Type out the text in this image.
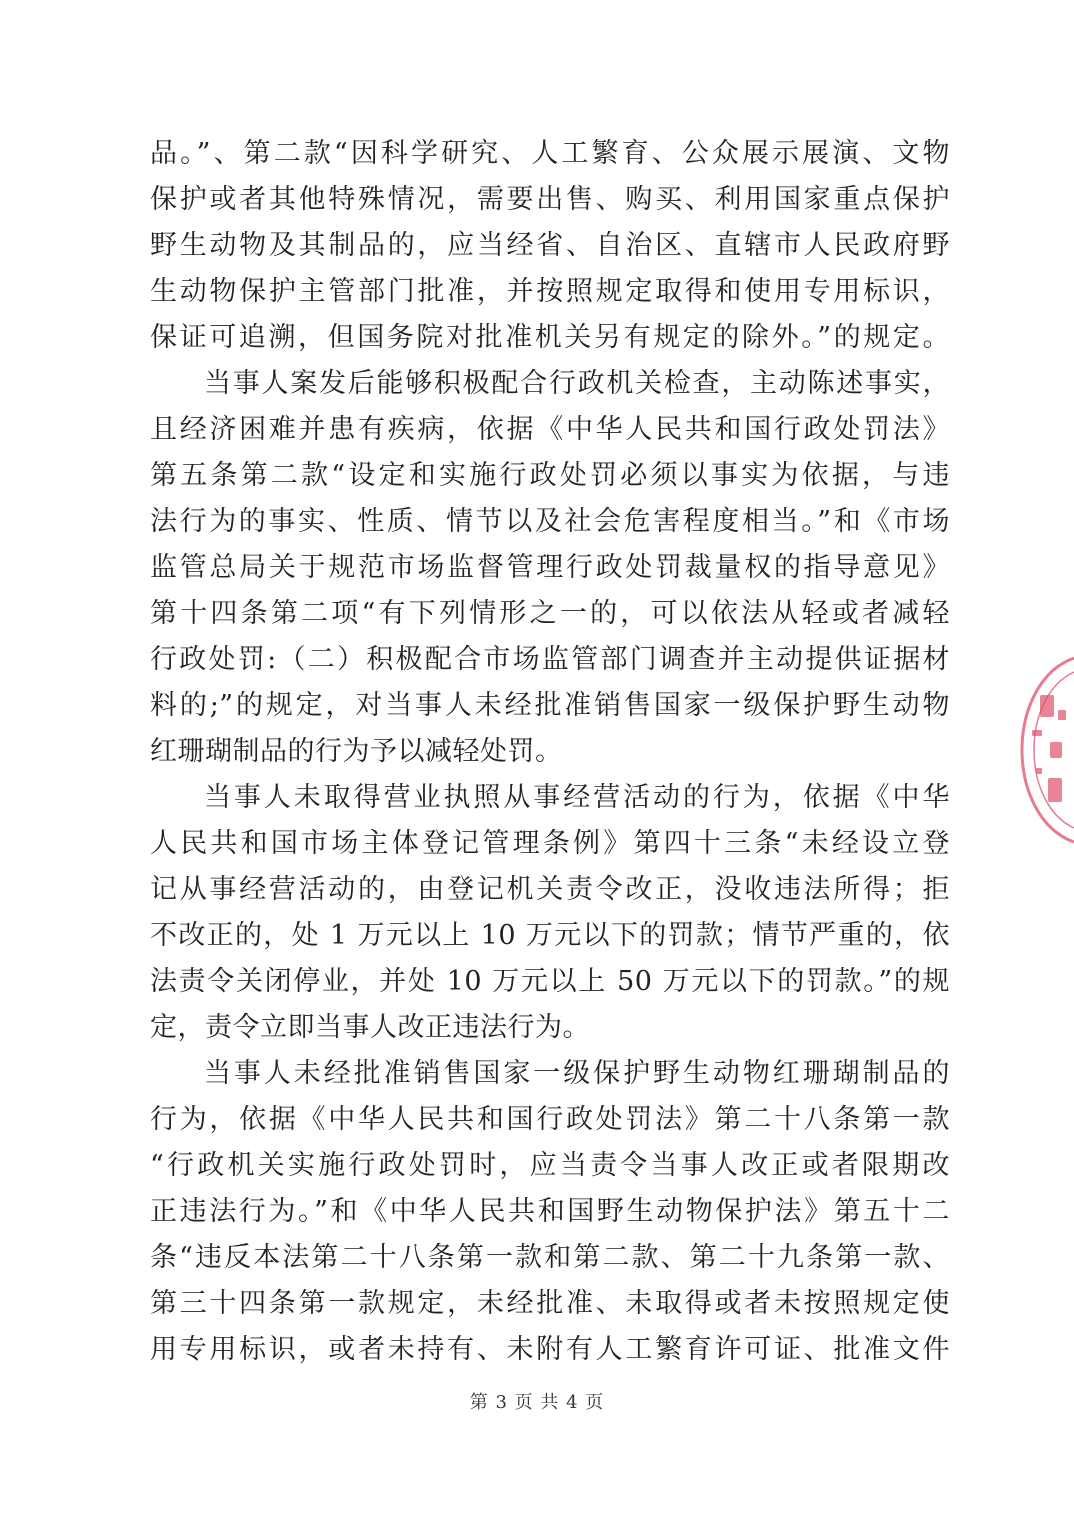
品。”、第二款“因科学研究、人工繁育、公众展示展演、文物
保护或者其他特殊情况，需要出售、购买、利用国家重点保护
野生动物及其制品的，应当经省、自治区、直辖市人民政府野
生动物保护主管部门批准，并按照规定取得和使用专用标识，
保证可追溯，但国务院对批准机关另有规定的除外。”的规定。
当事人案发后能够积极配合行政机关检查，主动陈述事实，
且经济困难并患有疾病，依据《中华人民共和国行政处罚法》
第五条第二款“设定和实施行政处罚必须以事实为依据，与违
法行为的事实、性质、情节以及社会危害程度相当。”和《市场
监管总局关于规范市场监督管理行政处罚裁量权的指导意见》
第十四条第二项“有下列情形之一的，可以依法从轻或者减轻
行政处罚:（二）积极配合市场监管部门调查并主动提供证据材
料的;”的规定，对当事人未经批准销售国家一级保护野生动物
红珊瑚制品的行为予以减轻处罚。
当事人未取得营业执照从事经营活动的行为，依据《中华
人民共和国市场主体登记管理条例》第四十三条“未经设立登
记从事经营活动的，由登记机关责令改正，没收违法所得；拒
不改正的，处 1 万元以上 10 万元以下的罚款；情节严重的，依
法责令关闭停业，并处 10 万元以上 50 万元以下的罚款。”的规
定，责令立即当事人改正违法行为。
当事人未经批准销售国家一级保护野生动物红珊瑚制品的
行为，依据《中华人民共和国行政处罚法》第二十八条第一款
“行政机关实施行政处罚时，应当责令当事人改正或者限期改
正违法行为。”和《中华人民共和国野生动物保护法》第五十二
条“违反本法第二十八条第一款和第二款、第二十九条第一款、
第三十四条第一款规定，未经批准、未取得或者未按照规定使
用专用标识，或者未持有、未附有人工繁育许可证、批准文件
第 3 页 共 4 页
